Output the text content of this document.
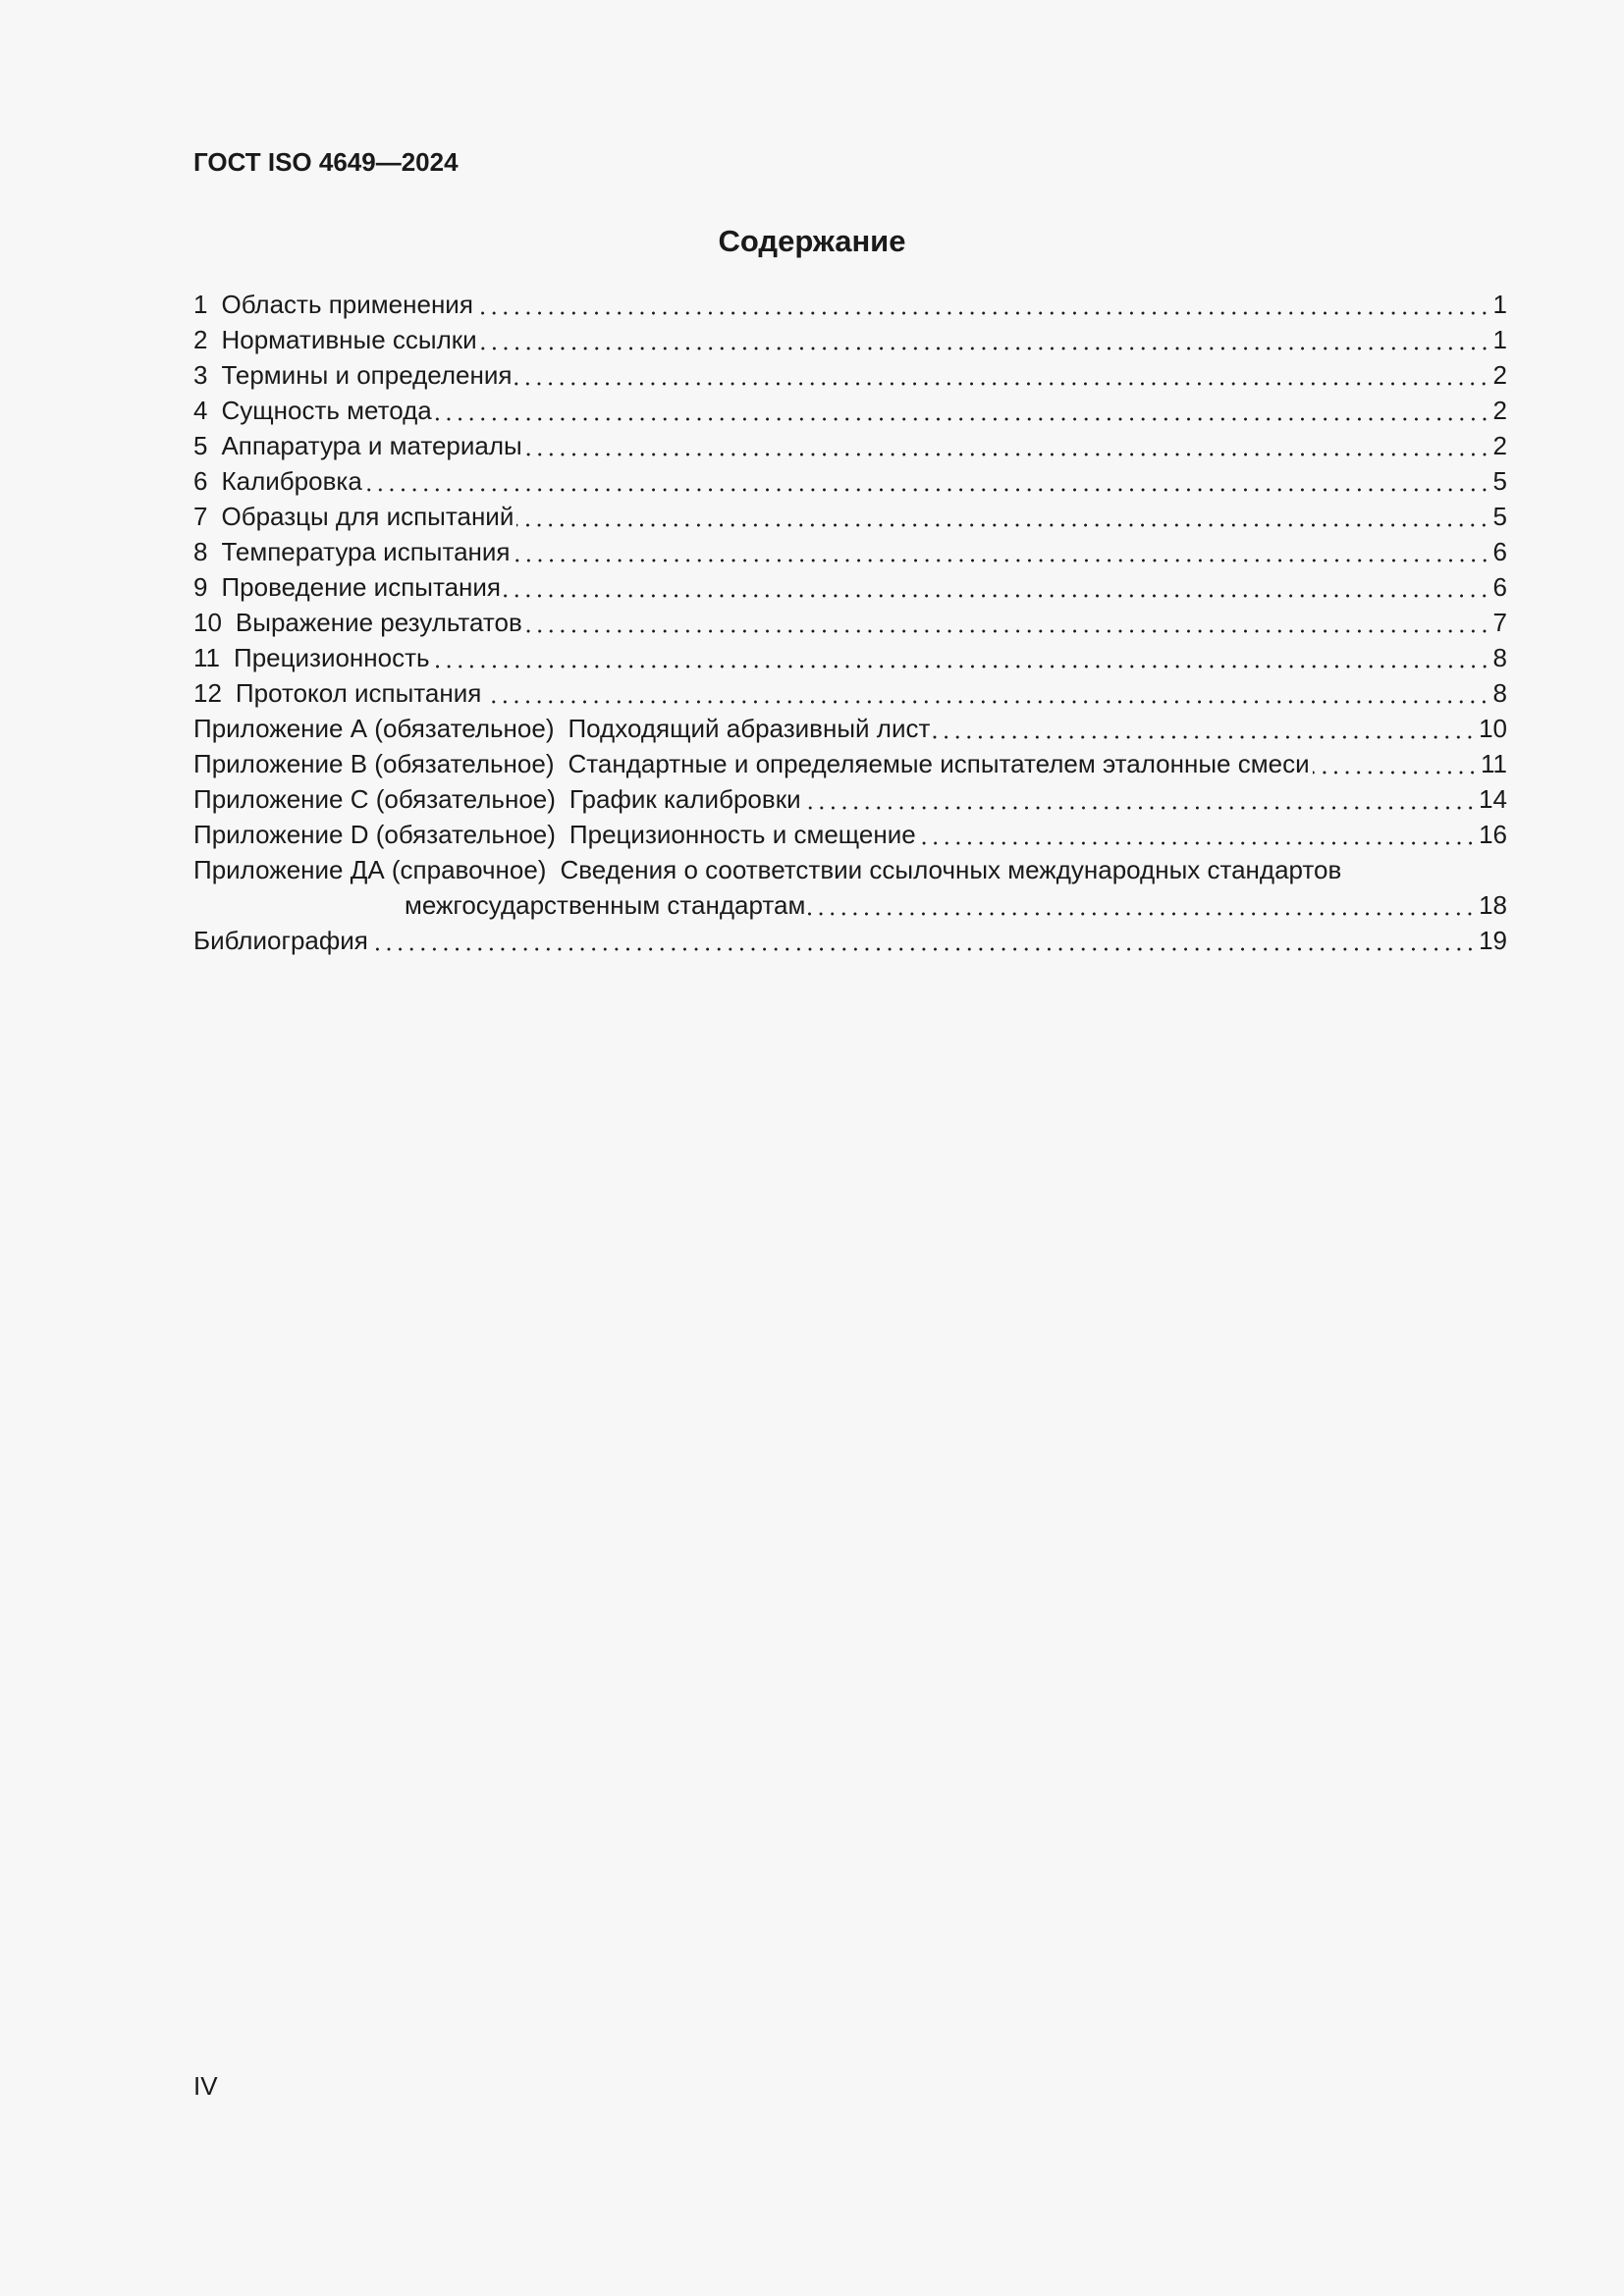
ГОСТ ISO 4649—2024
Содержание
1 Область применения	1
2 Нормативные ссылки	1
3 Термины и определения	2
4 Сущность метода	2
5 Аппаратура и материалы	2
6 Калибровка	5
7 Образцы для испытаний	5
8 Температура испытания	6
9 Проведение испытания	6
10 Выражение результатов	7
11 Прецизионность	8
12 Протокол испытания	8
Приложение А (обязательное) Подходящий абразивный лист	10
Приложение В (обязательное) Стандартные и определяемые испытателем эталонные смеси	11
Приложение С (обязательное) График калибровки	14
Приложение D (обязательное) Прецизионность и смещение	16
Приложение ДА (справочное) Сведения о соответствии ссылочных международных стандартов
межгосударственным стандартам	18
Библиография	19
IV
